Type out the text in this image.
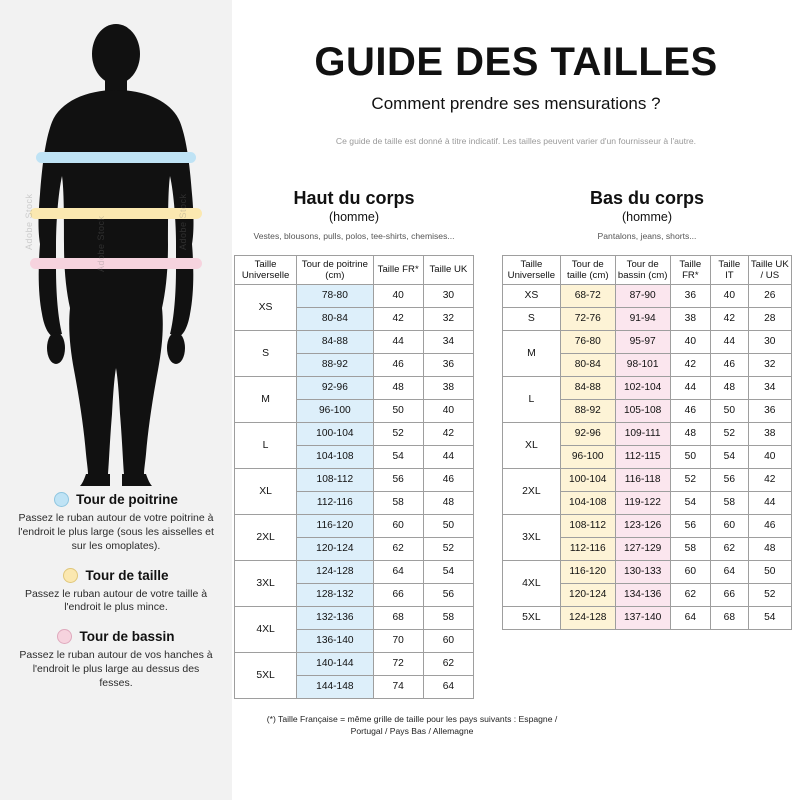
Adobe Stock	Adobe Stock	Adobe Stock
Tour de poitrine
Passez le ruban autour de votre poitrine à l'endroit le plus large (sous les aisselles et sur les omoplates).
Tour de taille
Passez le ruban autour de votre taille à l'endroit le plus mince.
Tour de bassin
Passez le ruban autour de vos hanches à l'endroit le plus large au dessus des fesses.
GUIDE DES TAILLES
Comment prendre ses mensurations ?
Ce guide de taille est donné à titre indicatif. Les tailles peuvent varier d'un fournisseur à l'autre.
Haut du corps
(homme)
Vestes, blousons, pulls, polos, tee-shirts, chemises...
Taille Universelle	Tour de poitrine (cm)	Taille FR*	Taille UK
XS	78-80	40	30
	80-84	42	32
S	84-88	44	34
	88-92	46	36
M	92-96	48	38
	96-100	50	40
L	100-104	52	42
	104-108	54	44
XL	108-112	56	46
	112-116	58	48
2XL	116-120	60	50
	120-124	62	52
3XL	124-128	64	54
	128-132	66	56
4XL	132-136	68	58
	136-140	70	60
5XL	140-144	72	62
	144-148	74	64
Bas du corps
(homme)
Pantalons, jeans, shorts...
Taille Universelle	Tour de taille (cm)	Tour de bassin (cm)	Taille FR*	Taille IT	Taille UK / US
XS	68-72	87-90	36	40	26
S	72-76	91-94	38	42	28
M	76-80	95-97	40	44	30
	80-84	98-101	42	46	32
L	84-88	102-104	44	48	34
	88-92	105-108	46	50	36
XL	92-96	109-111	48	52	38
	96-100	112-115	50	54	40
2XL	100-104	116-118	52	56	42
	104-108	119-122	54	58	44
3XL	108-112	123-126	56	60	46
	112-116	127-129	58	62	48
4XL	116-120	130-133	60	64	50
	120-124	134-136	62	66	52
5XL	124-128	137-140	64	68	54
(*) Taille Française = même grille de taille pour les pays suivants : Espagne / Portugal / Pays Bas / Allemagne
